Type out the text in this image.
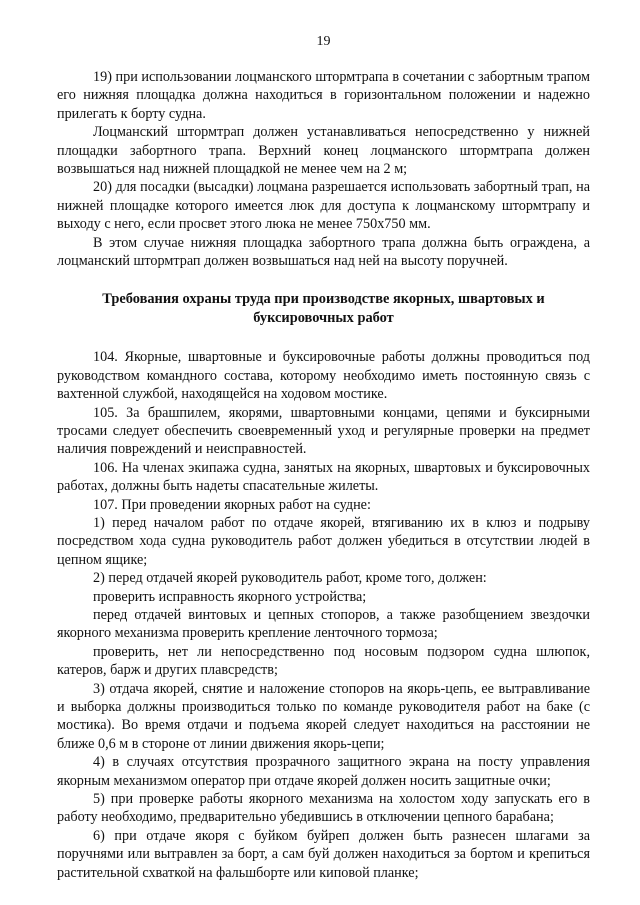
19

19) при использовании лоцманского штормтрапа в сочетании с забортным трапом его нижняя площадка должна находиться в горизонтальном положении и надежно прилегать к борту судна.

Лоцманский штормтрап должен устанавливаться непосредственно у нижней площадки забортного трапа. Верхний конец лоцманского штормтрапа должен возвышаться над нижней площадкой не менее чем на 2 м;

20) для посадки (высадки) лоцмана разрешается использовать забортный трап, на нижней площадке которого имеется люк для доступа к лоцманскому штормтрапу и выходу с него, если просвет этого люка не менее 750х750 мм.

В этом случае нижняя площадка забортного трапа должна быть ограждена, а лоцманский штормтрап должен возвышаться над ней на высоту поручней.

Требования охраны труда при производстве якорных, швартовых и буксировочных работ

104. Якорные, швартовные и буксировочные работы должны проводиться под руководством командного состава, которому необходимо иметь постоянную связь с вахтенной службой, находящейся на ходовом мостике.

105. За брашпилем, якорями, швартовными концами, цепями и буксирными тросами следует обеспечить своевременный уход и регулярные проверки на предмет наличия повреждений и неисправностей.

106. На членах экипажа судна, занятых на якорных, швартовых и буксировочных работах, должны быть надеты спасательные жилеты.

107. При проведении якорных работ на судне:

1) перед началом работ по отдаче якорей, втягиванию их в клюз и подрыву посредством хода судна руководитель работ должен убедиться в отсутствии людей в цепном ящике;

2) перед отдачей якорей руководитель работ, кроме того, должен:

проверить исправность якорного устройства;

перед отдачей винтовых и цепных стопоров, а также разобщением звездочки якорного механизма проверить крепление ленточного тормоза;

проверить, нет ли непосредственно под носовым подзором судна шлюпок, катеров, барж и других плавсредств;

3) отдача якорей, снятие и наложение стопоров на якорь-цепь, ее вытравливание и выборка должны производиться только по команде руководителя работ на баке (с мостика). Во время отдачи и подъема якорей следует находиться на расстоянии не ближе 0,6 м в стороне от линии движения якорь-цепи;

4) в случаях отсутствия прозрачного защитного экрана на посту управления якорным механизмом оператор при отдаче якорей должен носить защитные очки;

5) при проверке работы якорного механизма на холостом ходу запускать его в работу необходимо, предварительно убедившись в отключении цепного барабана;

6) при отдаче якоря с буйком буйреп должен быть разнесен шлагами за поручнями или вытравлен за борт, а сам буй должен находиться за бортом и крепиться растительной схваткой на фальшборте или киповой планке;
